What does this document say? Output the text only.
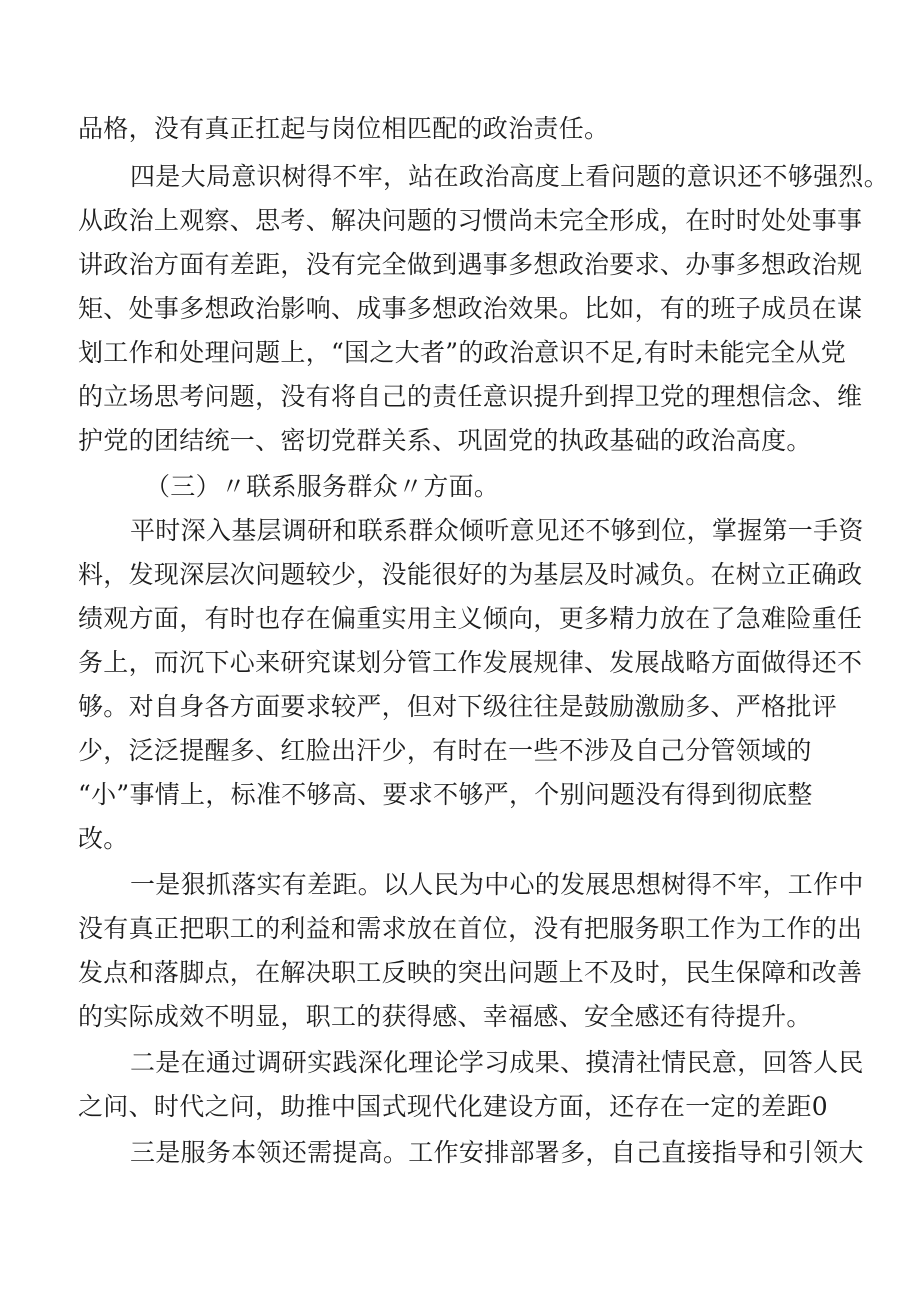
品格，没有真正扛起与岗位相匹配的政治责任。

四是大局意识树得不牢，站在政治高度上看问题的意识还不够强烈。

从政治上观察、思考、解决问题的习惯尚未完全形成，在时时处处事事

讲政治方面有差距，没有完全做到遇事多想政治要求、办事多想政治规

矩、处事多想政治影响、成事多想政治效果。比如，有的班子成员在谋

划工作和处理问题上，“国之大者”的政治意识不足,有时未能完全从党

的立场思考问题，没有将自己的责任意识提升到捍卫党的理想信念、维

护党的团结统一、密切党群关系、巩固党的执政基础的政治高度。

（三）〃联系服务群众〃方面。

平时深入基层调研和联系群众倾听意见还不够到位，掌握第一手资

料，发现深层次问题较少，没能很好的为基层及时减负。在树立正确政

绩观方面，有时也存在偏重实用主义倾向，更多精力放在了急难险重任

务上，而沉下心来研究谋划分管工作发展规律、发展战略方面做得还不

够。对自身各方面要求较严，但对下级往往是鼓励激励多、严格批评

少，泛泛提醒多、红脸出汗少，有时在一些不涉及自己分管领域的

“小”事情上，标准不够高、要求不够严，个别问题没有得到彻底整

改。

一是狠抓落实有差距。以人民为中心的发展思想树得不牢，工作中

没有真正把职工的利益和需求放在首位，没有把服务职工作为工作的出

发点和落脚点，在解决职工反映的突出问题上不及时，民生保障和改善

的实际成效不明显，职工的获得感、幸福感、安全感还有待提升。

二是在通过调研实践深化理论学习成果、摸清社情民意，回答人民

之问、时代之问，助推中国式现代化建设方面，还存在一定的差距0

三是服务本领还需提高。工作安排部署多，自己直接指导和引领大
